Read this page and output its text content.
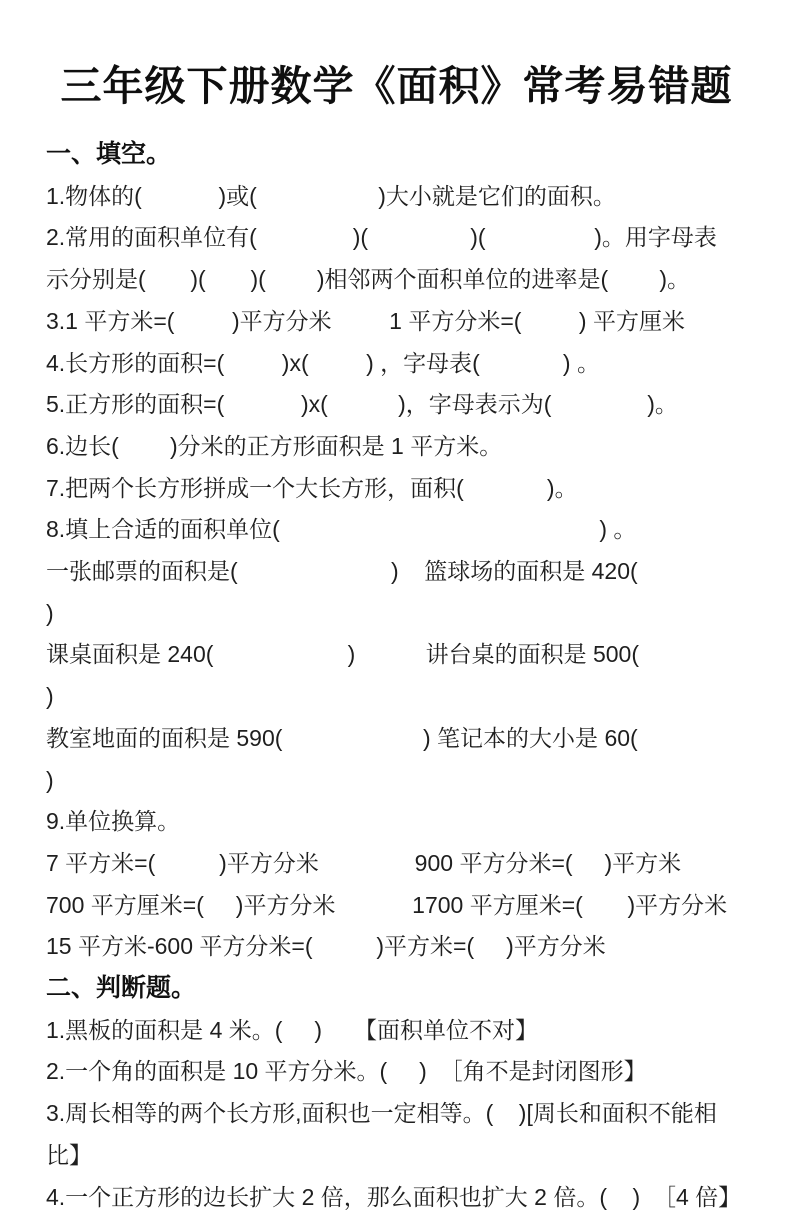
三年级下册数学《面积》常考易错题
一、填空。
1.物体的(            )或(                   )大小就是它们的面积。
2.常用的面积单位有(               )(                )(                 )。用字母表
示分别是(       )(       )(        )相邻两个面积单位的进率是(        )。
3.1 平方米=(         )平方分米         1 平方分米=(         ) 平方厘米
4.长方形的面积=(         )x(         ) ，字母表(             ) 。
5.正方形的面积=(            )x(           )，字母表示为(               )。
6.边长(        )分米的正方形面积是 1 平方米。
7.把两个长方形拼成一个大长方形，面积(             )。
8.填上合适的面积单位(                                                  ) 。
一张邮票的面积是(                        )    篮球场的面积是 420(                  )
课桌面积是 240(                     )           讲台桌的面积是 500(                  )
教室地面的面积是 590(                      ) 笔记本的大小是 60(                    )
9.单位换算。
7 平方米=(          )平方分米               900 平方分米=(     )平方米
700 平方厘米=(     )平方分米            1700 平方厘米=(       )平方分米
15 平方米-600 平方分米=(          )平方米=(     )平方分米
二、判断题。
1.黑板的面积是 4 米。(     )     【面积单位不对】
2.一个角的面积是 10 平方分米。(     )  ［角不是封闭图形】
3.周长相等的两个长方形,面积也一定相等。(    )[周长和面积不能相比】
4.一个正方形的边长扩大 2 倍，那么面积也扩大 2 倍。(    )  ［4 倍】
